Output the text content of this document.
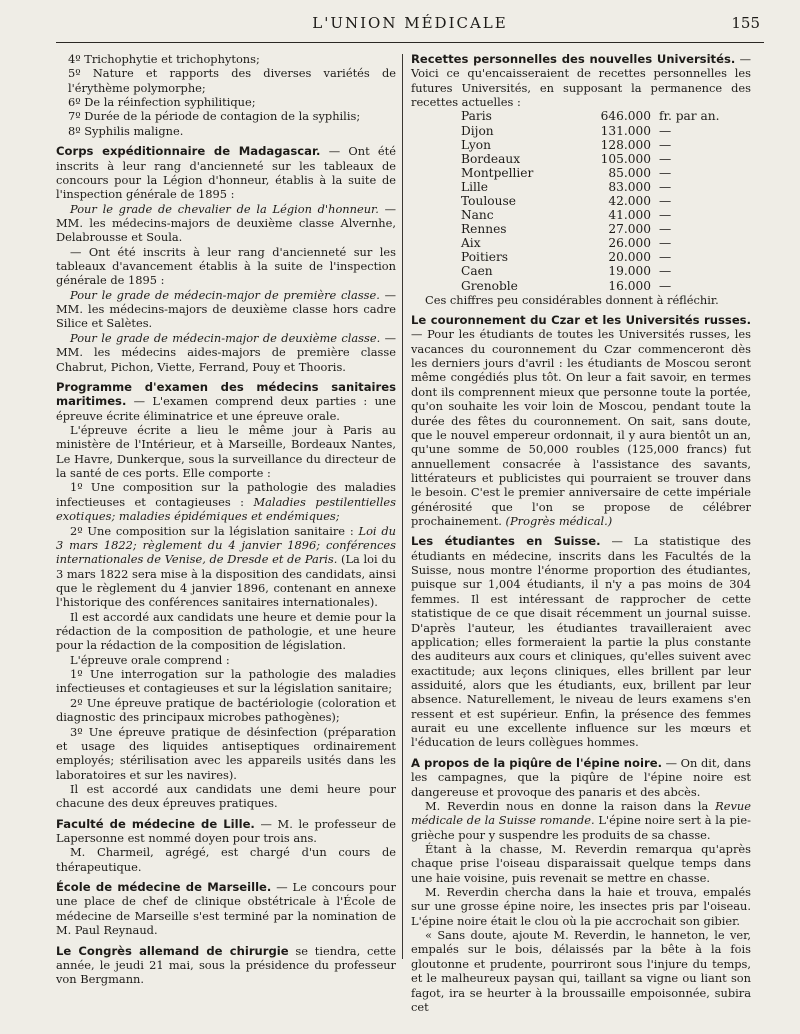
L'UNION MÉDICALE	155

4º Trichophytie et trichophytons;

5º Nature et rapports des diverses variétés de l'érythème polymorphe;

6º De la réinfection syphilitique;

7º Durée de la période de contagion de la syphilis;

8º Syphilis maligne.

Corps expéditionnaire de Madagascar. — Ont été inscrits à leur rang d'ancienneté sur les tableaux de concours pour la Légion d'honneur, établis à la suite de l'inspection générale de 1895 :

Pour le grade de chevalier de la Légion d'honneur. — MM. les médecins-majors de deuxième classe Alvernhe, Delabrousse et Soula.

— Ont été inscrits à leur rang d'ancienneté sur les tableaux d'avancement établis à la suite de l'inspection générale de 1895 :

Pour le grade de médecin-major de première classe. — MM. les médecins-majors de deuxième classe hors cadre Silice et Salètes.

Pour le grade de médecin-major de deuxième classe. — MM. les médecins aides-majors de première classe Chabrut, Pichon, Viette, Ferrand, Pouy et Thooris.

Programme d'examen des médecins sanitaires maritimes. — L'examen comprend deux parties : une épreuve écrite éliminatrice et une épreuve orale.

L'épreuve écrite a lieu le même jour à Paris au ministère de l'Intérieur, et à Marseille, Bordeaux Nantes, Le Havre, Dunkerque, sous la surveillance du directeur de la santé de ces ports. Elle comporte :

1º Une composition sur la pathologie des maladies infectieuses et contagieuses : Maladies pestilentielles exotiques; maladies épidémiques et endémiques;

2º Une composition sur la législation sanitaire : Loi du 3 mars 1822; règlement du 4 janvier 1896; conférences internationales de Venise, de Dresde et de Paris. (La loi du 3 mars 1822 sera mise à la disposition des candidats, ainsi que le règlement du 4 janvier 1896, contenant en annexe l'historique des conférences sanitaires internationales).

Il est accordé aux candidats une heure et demie pour la rédaction de la composition de pathologie, et une heure pour la rédaction de la composition de législation.

L'épreuve orale comprend :

1º Une interrogation sur la pathologie des maladies infectieuses et contagieuses et sur la législation sanitaire;

2º Une épreuve pratique de bactériologie (coloration et diagnostic des principaux microbes pathogènes);

3º Une épreuve pratique de désinfection (préparation et usage des liquides antiseptiques ordinairement employés; stérilisation avec les appareils usités dans les laboratoires et sur les navires).

Il est accordé aux candidats une demi heure pour chacune des deux épreuves pratiques.

Faculté de médecine de Lille. — M. le professeur de Lapersonne est nommé doyen pour trois ans.

M. Charmeil, agrégé, est chargé d'un cours de thérapeutique.

École de médecine de Marseille. — Le concours pour une place de chef de clinique obstétricale à l'École de médecine de Marseille s'est terminé par la nomination de M. Paul Reynaud.

Le Congrès allemand de chirurgie se tiendra, cette année, le jeudi 21 mai, sous la présidence du professeur von Bergmann.

Recettes personnelles des nouvelles Universités. — Voici ce qu'encaisseraient de recettes personnelles les futures Universités, en supposant la permanence des recettes actuelles :

Paris	646.000	fr. par an.
Dijon	131.000	—
Lyon	128.000	—
Bordeaux	105.000	—
Montpellier	85.000	—
Lille	83.000	—
Toulouse	42.000	—
Nanc	41.000	—
Rennes	27.000	—
Aix	26.000	—
Poitiers	20.000	—
Caen	19.000	—
Grenoble	16.000	—

Ces chiffres peu considérables donnent à réfléchir.

Le couronnement du Czar et les Universités russes. — Pour les étudiants de toutes les Universités russes, les vacances du couronnement du Czar commenceront dès les derniers jours d'avril : les étudiants de Moscou seront même congédiés plus tôt. On leur a fait savoir, en termes dont ils comprennent mieux que personne toute la portée, qu'on souhaite les voir loin de Moscou, pendant toute la durée des fêtes du couronnement. On sait, sans doute, que le nouvel empereur ordonnait, il y aura bientôt un an, qu'une somme de 50,000 roubles (125,000 francs) fut annuellement consacrée à l'assistance des savants, littérateurs et publicistes qui pourraient se trouver dans le besoin. C'est le premier anniversaire de cette impériale générosité que l'on se propose de célébrer prochainement. (Progrès médical.)

Les étudiantes en Suisse. — La statistique des étudiants en médecine, inscrits dans les Facultés de la Suisse, nous montre l'énorme proportion des étudiantes, puisque sur 1,004 étudiants, il n'y a pas moins de 304 femmes. Il est intéressant de rapprocher de cette statistique de ce que disait récemment un journal suisse. D'après l'auteur, les étudiantes travailleraient avec application; elles formeraient la partie la plus constante des auditeurs aux cours et cliniques, qu'elles suivent avec exactitude; aux leçons cliniques, elles brillent par leur assiduité, alors que les étudiants, eux, brillent par leur absence. Naturellement, le niveau de leurs examens s'en ressent et est supérieur. Enfin, la présence des femmes aurait eu une excellente influence sur les mœurs et l'éducation de leurs collègues hommes.

A propos de la piqûre de l'épine noire. — On dit, dans les campagnes, que la piqûre de l'épine noire est dangereuse et provoque des panaris et des abcès.

M. Reverdin nous en donne la raison dans la Revue médicale de la Suisse romande. L'épine noire sert à la pie-grièche pour y suspendre les produits de sa chasse.

Étant à la chasse, M. Reverdin remarqua qu'après chaque prise l'oiseau disparaissait quelque temps dans une haie voisine, puis revenait se mettre en chasse.

M. Reverdin chercha dans la haie et trouva, empalés sur une grosse épine noire, les insectes pris par l'oiseau. L'épine noire était le clou où la pie accrochait son gibier.

« Sans doute, ajoute M. Reverdin, le hanneton, le ver, empalés sur le bois, délaissés par la bête à la fois gloutonne et prudente, pourriront sous l'injure du temps, et le malheureux paysan qui, taillant sa vigne ou liant son fagot, ira se heurter à la broussaille empoisonnée, subira cet
